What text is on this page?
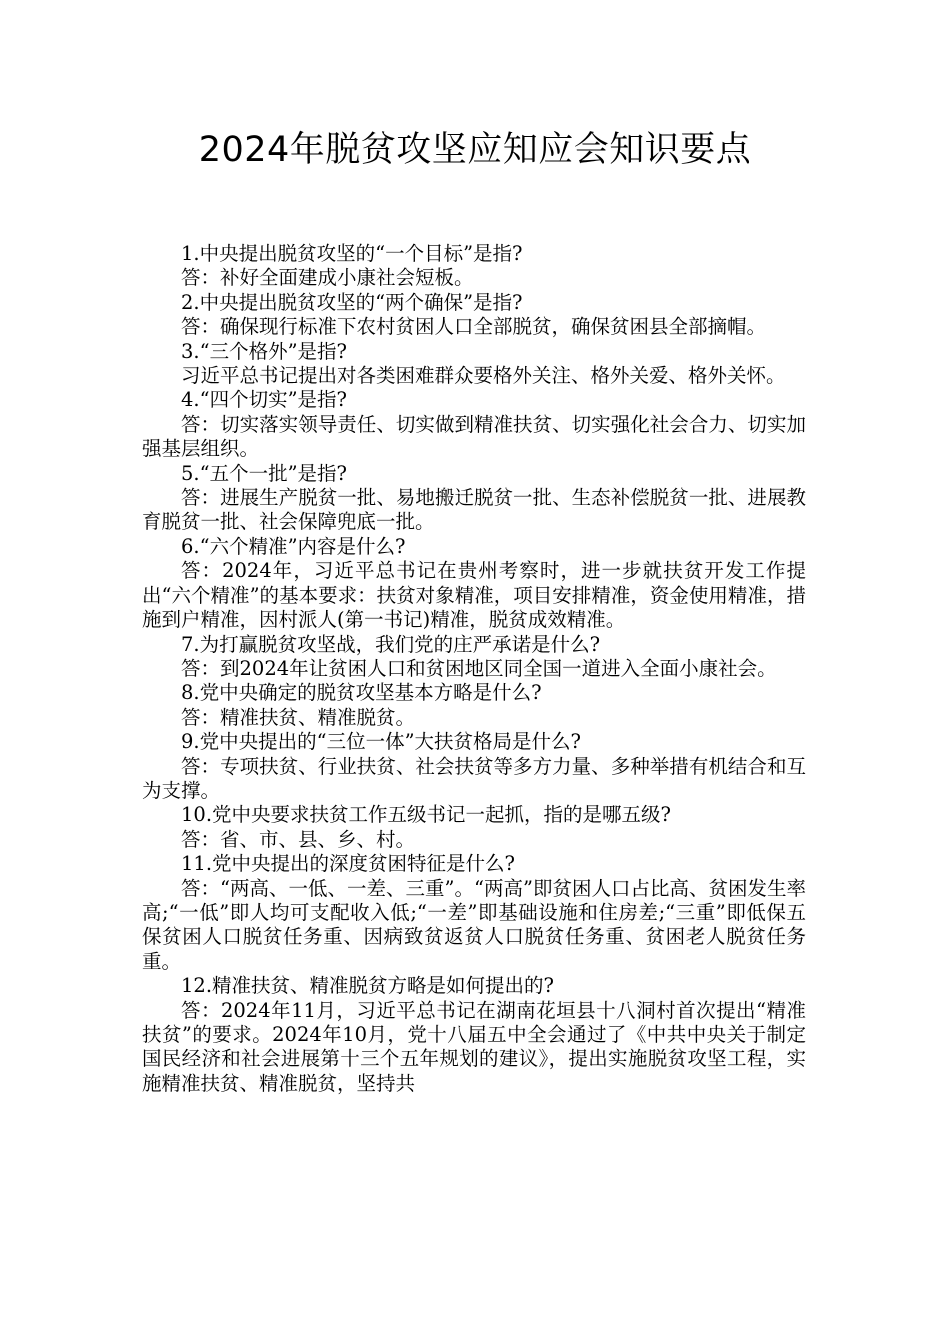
2024年脱贫攻坚应知应会知识要点

1.中央提出脱贫攻坚的“一个目标”是指?

答：补好全面建成小康社会短板。

2.中央提出脱贫攻坚的“两个确保”是指?

答：确保现行标准下农村贫困人口全部脱贫，确保贫困县全部摘帽。

3.“三个格外”是指?

习近平总书记提出对各类困难群众要格外关注、格外关爱、格外关怀。

4.“四个切实”是指?

答：切实落实领导责任、切实做到精准扶贫、切实强化社会合力、切实加强基层组织。

5.“五个一批”是指?

答：进展生产脱贫一批、易地搬迁脱贫一批、生态补偿脱贫一批、进展教育脱贫一批、社会保障兜底一批。

6.“六个精准”内容是什么?

答：2024年，习近平总书记在贵州考察时，进一步就扶贫开发工作提出“六个精准”的基本要求：扶贫对象精准，项目安排精准，资金使用精准，措施到户精准，因村派人(第一书记)精准，脱贫成效精准。

7.为打赢脱贫攻坚战，我们党的庄严承诺是什么?

答：到2024年让贫困人口和贫困地区同全国一道进入全面小康社会。

8.党中央确定的脱贫攻坚基本方略是什么?

答：精准扶贫、精准脱贫。

9.党中央提出的“三位一体”大扶贫格局是什么?

答：专项扶贫、行业扶贫、社会扶贫等多方力量、多种举措有机结合和互为支撑。

10.党中央要求扶贫工作五级书记一起抓，指的是哪五级?

答：省、市、县、乡、村。

11.党中央提出的深度贫困特征是什么?

答：“两高、一低、一差、三重”。“两高”即贫困人口占比高、贫困发生率高;“一低”即人均可支配收入低;“一差”即基础设施和住房差;“三重”即低保五保贫困人口脱贫任务重、因病致贫返贫人口脱贫任务重、贫困老人脱贫任务重。

12.精准扶贫、精准脱贫方略是如何提出的?

答：2024年11月，习近平总书记在湖南花垣县十八洞村首次提出“精准扶贫”的要求。2024年10月，党十八届五中全会通过了《中共中央关于制定国民经济和社会进展第十三个五年规划的建议》，提出实施脱贫攻坚工程，实施精准扶贫、精准脱贫，坚持共
